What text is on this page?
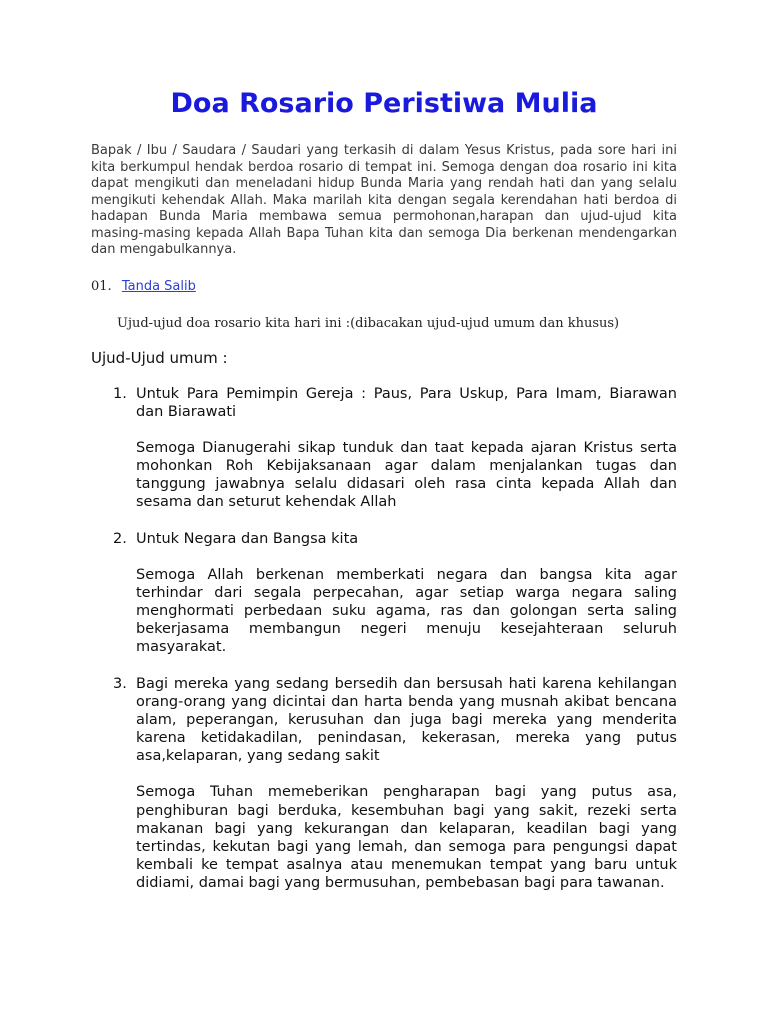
Doa Rosario Peristiwa Mulia

Bapak / Ibu / Saudara / Saudari yang terkasih di dalam Yesus Kristus, pada sore hari ini kita berkumpul hendak berdoa rosario di tempat ini. Semoga dengan doa rosario ini kita dapat mengikuti dan meneladani hidup Bunda Maria yang rendah hati dan yang selalu mengikuti kehendak Allah. Maka marilah kita dengan segala kerendahan hati berdoa di hadapan Bunda Maria membawa semua permohonan,harapan dan ujud-ujud kita masing-masing kepada Allah Bapa Tuhan kita dan semoga Dia berkenan mendengarkan dan mengabulkannya.

01. Tanda Salib
Ujud-ujud doa rosario kita hari ini :(dibacakan ujud-ujud umum dan khusus)
Ujud-Ujud umum :
1. Untuk Para Pemimpin Gereja : Paus, Para Uskup, Para Imam, Biarawan dan Biarawati

Semoga Dianugerahi sikap tunduk dan taat kepada ajaran Kristus serta mohonkan Roh Kebijaksanaan agar dalam menjalankan tugas dan tanggung jawabnya selalu didasari oleh rasa cinta kepada Allah dan sesama dan seturut kehendak Allah

2. Untuk Negara dan Bangsa kita

Semoga Allah berkenan memberkati negara dan bangsa kita agar terhindar dari segala perpecahan, agar setiap warga negara saling menghormati perbedaan suku agama, ras dan golongan serta saling bekerjasama membangun negeri menuju kesejahteraan seluruh masyarakat.

3. Bagi mereka yang sedang bersedih dan bersusah hati karena kehilangan orang-orang yang dicintai dan harta benda yang musnah akibat bencana alam, peperangan, kerusuhan dan juga bagi mereka yang menderita karena ketidakadilan, penindasan, kekerasan, mereka yang putus asa,kelaparan, yang sedang sakit

Semoga Tuhan memeberikan pengharapan bagi yang putus asa, penghiburan bagi berduka, kesembuhan bagi yang sakit, rezeki serta makanan bagi yang kekurangan dan kelaparan, keadilan bagi yang tertindas, kekutan bagi yang lemah, dan semoga para pengungsi dapat kembali ke tempat asalnya atau menemukan tempat yang baru untuk didiami, damai bagi yang bermusuhan, pembebasan bagi para tawanan.
